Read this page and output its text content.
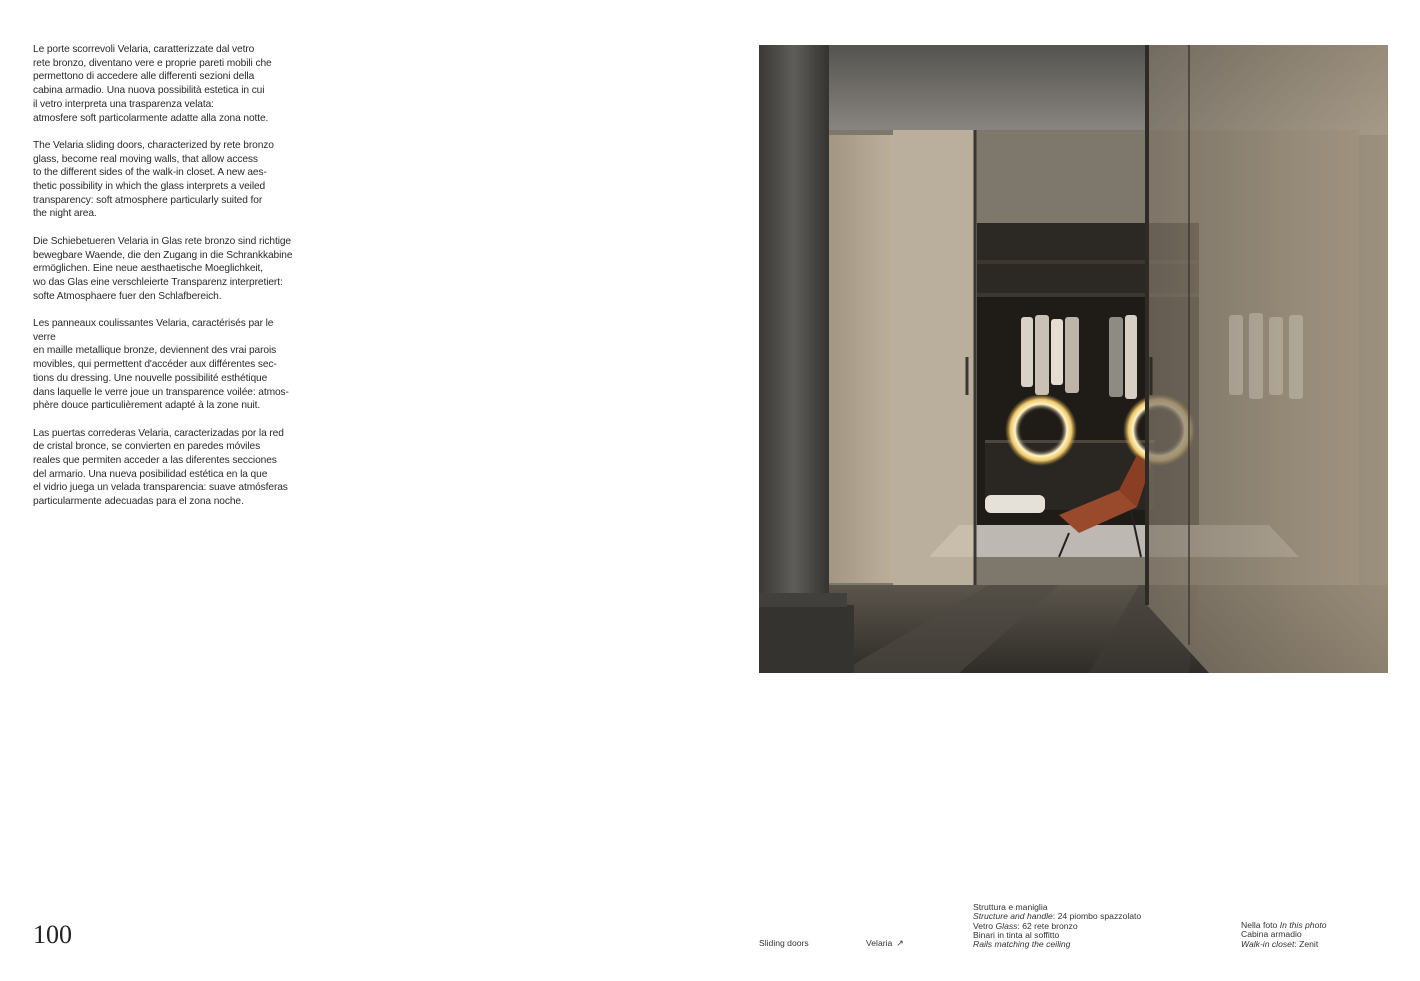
Le porte scorrevoli Velaria, caratterizzate dal vetro
rete bronzo, diventano vere e proprie pareti mobili che
permettono di accedere alle differenti sezioni della
cabina armadio. Una nuova possibilità estetica in cui
il vetro interpreta una trasparenza velata:
atmosfere soft particolarmente adatte alla zona notte.

The Velaria sliding doors, characterized by rete bronzo
glass, become real moving walls, that allow access
to the different sides of the walk-in closet. A new aes-
thetic possibility in which the glass interprets a veiled
transparency: soft atmosphere particularly suited for
the night area.

Die Schiebetueren Velaria in Glas rete bronzo sind richtige
bewegbare Waende, die den Zugang in die Schrankkabine
ermöglichen. Eine neue aesthaetische Moeglichkeit,
wo das Glas eine verschleierte Transparenz interpretiert:
softe Atmosphaere fuer den Schlafbereich.

Les panneaux coulissantes Velaria, caractérisés par le verre
en maille metallique bronze, deviennent des vrai parois
movibles, qui permettent d'accéder aux différentes sec-
tions du dressing. Une nouvelle possibilité esthétique
dans laquelle le verre joue un transparence voilée: atmos-
phère douce particulièrement adapté à la zone nuit.

Las puertas correderas Velaria, caracterizadas por la red
de cristal bronce, se convierten en paredes móviles
reales que permiten acceder a las diferentes secciones
del armario. Una nueva posibilidad estética en la que
el vidrio juega un velada transparencia: suave atmósferas
particularmente adecuadas para el zona noche.

100	Sliding doors	Velaria ↗
Struttura e maniglia
Structure and handle: 24 piombo spazzolato
Vetro Glass: 62 rete bronzo
Binari in tinta al soffitto
Rails matching the ceiling
Nella foto In this photo
Cabina armadio
Walk-in closet: Zenit
